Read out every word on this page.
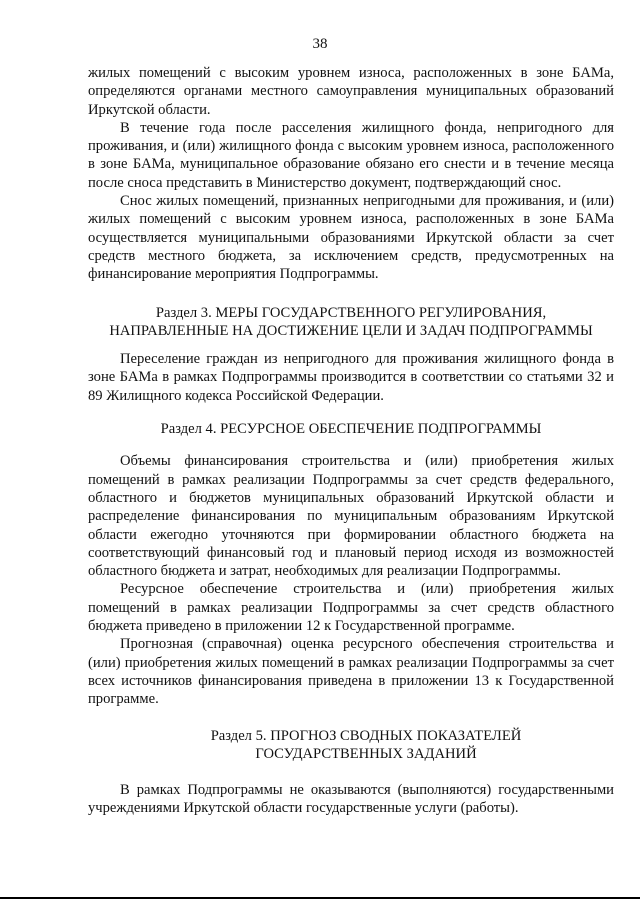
38

жилых помещений с высоким уровнем износа, расположенных в зоне БАМа, определяются органами местного самоуправления муниципальных образований Иркутской области.

В течение года после расселения жилищного фонда, непригодного для проживания, и (или) жилищного фонда с высоким уровнем износа, расположенного в зоне БАМа, муниципальное образование обязано его снести и в течение месяца после сноса представить в Министерство документ, подтверждающий снос.

Снос жилых помещений, признанных непригодными для проживания, и (или) жилых помещений с высоким уровнем износа, расположенных в зоне БАМа осуществляется муниципальными образованиями Иркутской области за счет средств местного бюджета, за исключением средств, предусмотренных на финансирование мероприятия Подпрограммы.

Раздел 3. МЕРЫ ГОСУДАРСТВЕННОГО РЕГУЛИРОВАНИЯ,
НАПРАВЛЕННЫЕ НА ДОСТИЖЕНИЕ ЦЕЛИ И ЗАДАЧ ПОДПРОГРАММЫ

Переселение граждан из непригодного для проживания жилищного фонда в зоне БАМа в рамках Подпрограммы производится в соответствии со статьями 32 и 89 Жилищного кодекса Российской Федерации.

Раздел 4. РЕСУРСНОЕ ОБЕСПЕЧЕНИЕ ПОДПРОГРАММЫ

Объемы финансирования строительства и (или) приобретения жилых помещений в рамках реализации Подпрограммы за счет средств федерального, областного и бюджетов муниципальных образований Иркутской области и распределение финансирования по муниципальным образованиям Иркутской области ежегодно уточняются при формировании областного бюджета на соответствующий финансовый год и плановый период исходя из возможностей областного бюджета и затрат, необходимых для реализации Подпрограммы.

Ресурсное обеспечение строительства и (или) приобретения жилых помещений в рамках реализации Подпрограммы за счет средств областного бюджета приведено в приложении 12 к Государственной программе.

Прогнозная (справочная) оценка ресурсного обеспечения строительства и (или) приобретения жилых помещений в рамках реализации Подпрограммы за счет всех источников финансирования приведена в приложении 13 к Государственной программе.

Раздел 5. ПРОГНОЗ СВОДНЫХ ПОКАЗАТЕЛЕЙ
ГОСУДАРСТВЕННЫХ ЗАДАНИЙ

В рамках Подпрограммы не оказываются (выполняются) государственными учреждениями Иркутской области государственные услуги (работы).
